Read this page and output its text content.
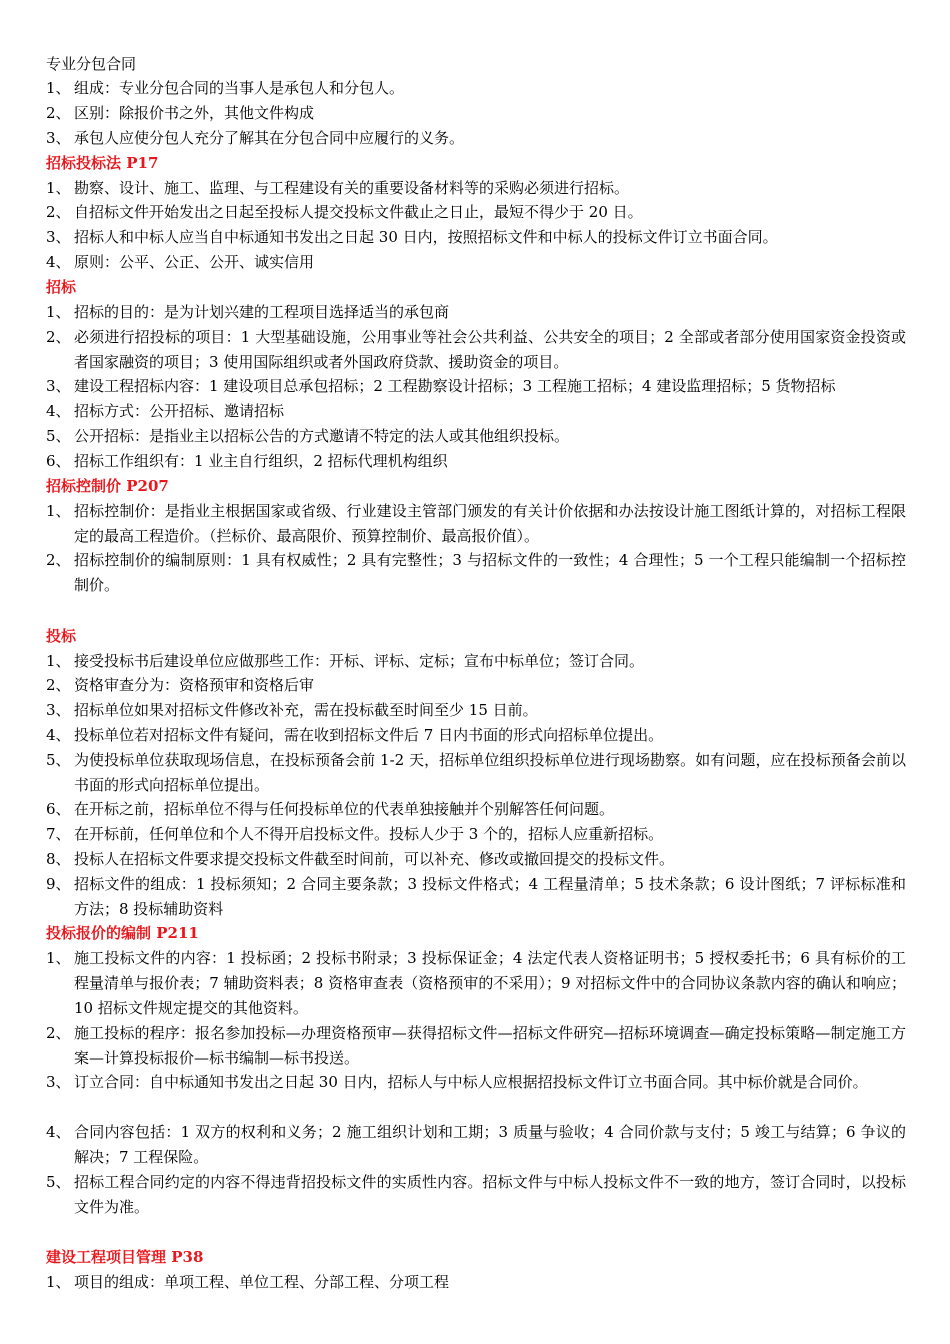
专业分包合同
1、 组成：专业分包合同的当事人是承包人和分包人。
2、 区别：除报价书之外，其他文件构成
3、 承包人应使分包人充分了解其在分包合同中应履行的义务。
招标投标法 P17
1、 勘察、设计、施工、监理、与工程建设有关的重要设备材料等的采购必须进行招标。
2、 自招标文件开始发出之日起至投标人提交投标文件截止之日止，最短不得少于 20 日。
3、 招标人和中标人应当自中标通知书发出之日起 30 日内，按照招标文件和中标人的投标文件订立书面合同。
4、 原则：公平、公正、公开、诚实信用
招标
1、 招标的目的：是为计划兴建的工程项目选择适当的承包商
2、 必须进行招投标的项目：1 大型基础设施，公用事业等社会公共利益、公共安全的项目；2 全部或者部分使用国家资金投资或者国家融资的项目；3 使用国际组织或者外国政府贷款、援助资金的项目。
3、 建设工程招标内容：1 建设项目总承包招标；2 工程勘察设计招标；3 工程施工招标；4 建设监理招标；5 货物招标
4、 招标方式：公开招标、邀请招标
5、 公开招标：是指业主以招标公告的方式邀请不特定的法人或其他组织投标。
6、 招标工作组织有：1 业主自行组织，2 招标代理机构组织
招标控制价 P207
1、 招标控制价：是指业主根据国家或省级、行业建设主管部门颁发的有关计价依据和办法按设计施工图纸计算的，对招标工程限定的最高工程造价。（拦标价、最高限价、预算控制价、最高报价值）。
2、 招标控制价的编制原则：1 具有权威性；2 具有完整性；3 与招标文件的一致性；4 合理性；5 一个工程只能编制一个招标控制价。
投标
1、 接受投标书后建设单位应做那些工作：开标、评标、定标；宣布中标单位；签订合同。
2、 资格审查分为：资格预审和资格后审
3、 招标单位如果对招标文件修改补充，需在投标截至时间至少 15 日前。
4、 投标单位若对招标文件有疑问，需在收到招标文件后 7 日内书面的形式向招标单位提出。
5、 为使投标单位获取现场信息，在投标预备会前 1-2 天，招标单位组织投标单位进行现场勘察。如有问题，应在投标预备会前以书面的形式向招标单位提出。
6、 在开标之前，招标单位不得与任何投标单位的代表单独接触并个别解答任何问题。
7、 在开标前，任何单位和个人不得开启投标文件。投标人少于 3 个的，招标人应重新招标。
8、 投标人在招标文件要求提交投标文件截至时间前，可以补充、修改或撤回提交的投标文件。
9、 招标文件的组成：1 投标须知；2 合同主要条款；3 投标文件格式；4 工程量清单；5 技术条款；6 设计图纸；7 评标标准和方法；8 投标辅助资料
投标报价的编制 P211
1、 施工投标文件的内容：1 投标函；2 投标书附录；3 投标保证金；4 法定代表人资格证明书；5 授权委托书；6 具有标价的工程量清单与报价表；7 辅助资料表；8 资格审查表（资格预审的不采用）；9 对招标文件中的合同协议条款内容的确认和响应；10 招标文件规定提交的其他资料。
2、 施工投标的程序：报名参加投标—办理资格预审—获得招标文件—招标文件研究—招标环境调查—确定投标策略—制定施工方案—计算投标报价—标书编制—标书投送。
3、 订立合同：自中标通知书发出之日起 30 日内，招标人与中标人应根据招投标文件订立书面合同。其中标价就是合同价。
4、 合同内容包括：1 双方的权利和义务；2 施工组织计划和工期；3 质量与验收；4 合同价款与支付；5 竣工与结算；6 争议的解决；7 工程保险。
5、 招标工程合同约定的内容不得违背招投标文件的实质性内容。招标文件与中标人投标文件不一致的地方，签订合同时，以投标文件为准。
建设工程项目管理 P38
1、 项目的组成：单项工程、单位工程、分部工程、分项工程
